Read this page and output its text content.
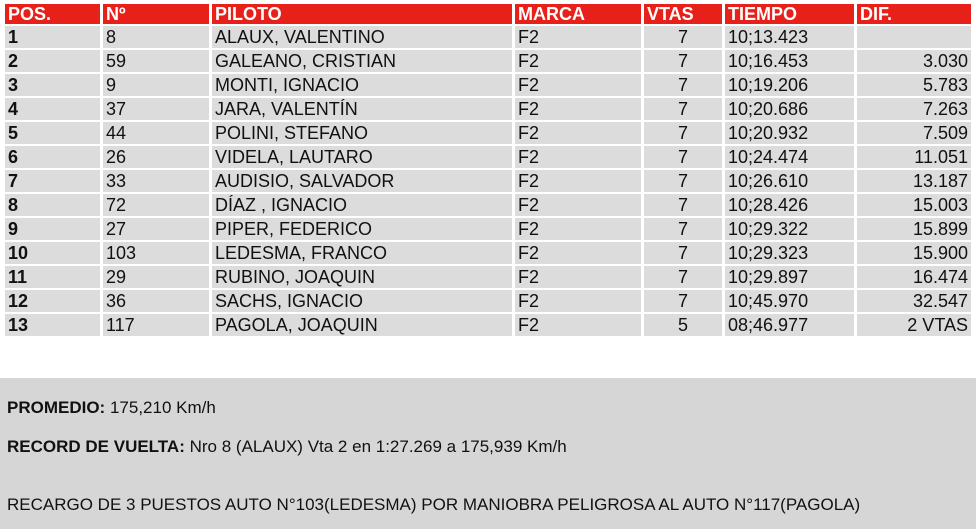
POS.	Nº	PILOTO	MARCA	VTAS	TIEMPO	DIF.
1	8	ALAUX, VALENTINO	F2	7	10;13.423	
2	59	GALEANO, CRISTIAN	F2	7	10;16.453	3.030
3	9	MONTI, IGNACIO	F2	7	10;19.206	5.783
4	37	JARA, VALENTÍN	F2	7	10;20.686	7.263
5	44	POLINI, STEFANO	F2	7	10;20.932	7.509
6	26	VIDELA, LAUTARO	F2	7	10;24.474	11.051
7	33	AUDISIO, SALVADOR	F2	7	10;26.610	13.187
8	72	DÍAZ , IGNACIO	F2	7	10;28.426	15.003
9	27	PIPER, FEDERICO	F2	7	10;29.322	15.899
10	103	LEDESMA, FRANCO	F2	7	10;29.323	15.900
11	29	RUBINO, JOAQUIN	F2	7	10;29.897	16.474
12	36	SACHS, IGNACIO	F2	7	10;45.970	32.547
13	117	PAGOLA, JOAQUIN	F2	5	08;46.977	2 VTAS

PROMEDIO: 175,210 Km/h

RECORD DE VUELTA: Nro 8 (ALAUX) Vta 2 en 1:27.269 a 175,939 Km/h

RECARGO DE 3 PUESTOS AUTO N°103(LEDESMA) POR MANIOBRA PELIGROSA AL AUTO N°117(PAGOLA)
